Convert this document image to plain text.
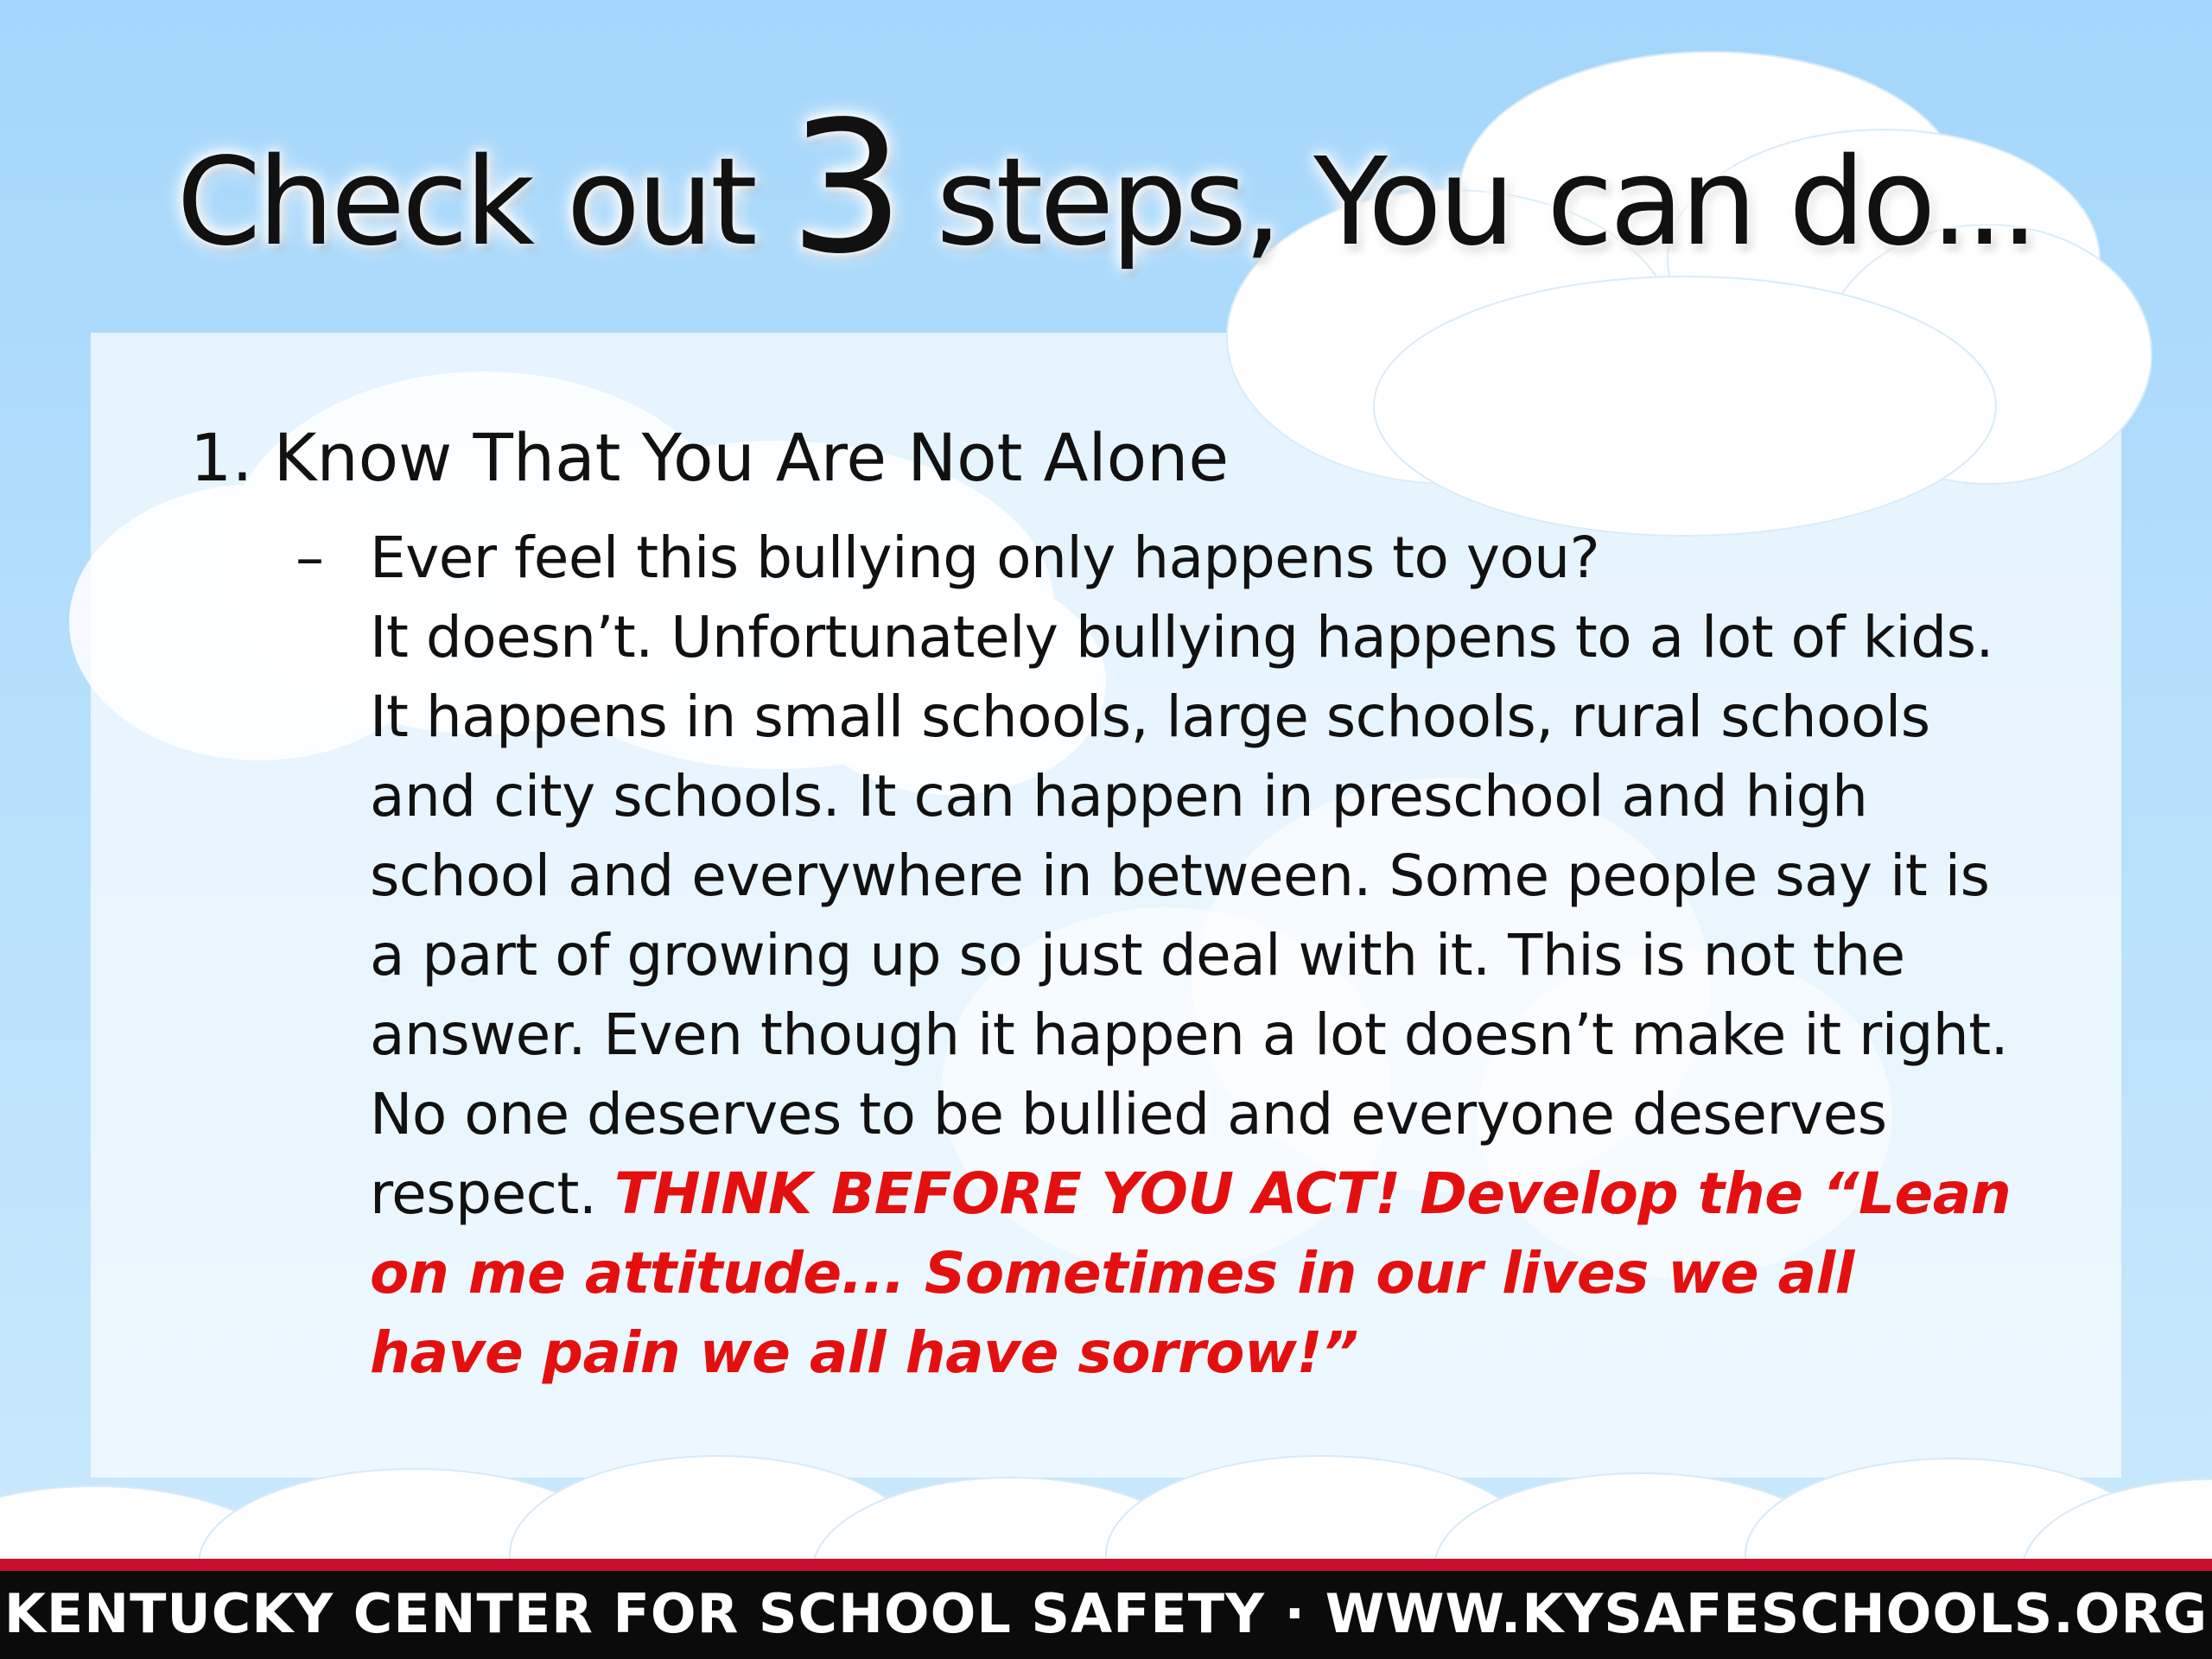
Check out 3 steps, You can do...

1. Know That You Are Not Alone

– Ever feel this bullying only happens to you?

It doesn’t. Unfortunately bullying happens to a lot of kids. It happens in small schools, large schools, rural schools and city schools. It can happen in preschool and high school and everywhere in between. Some people say it is a part of growing up so just deal with it. This is not the answer. Even though it happen a lot doesn’t make it right. No one deserves to be bullied and everyone deserves respect. THINK BEFORE YOU ACT! Develop the “Lean on me attitude... Sometimes in our lives we all have pain we all have sorrow!”

KENTUCKY CENTER FOR SCHOOL SAFETY · WWW.KYSAFESCHOOLS.ORG
